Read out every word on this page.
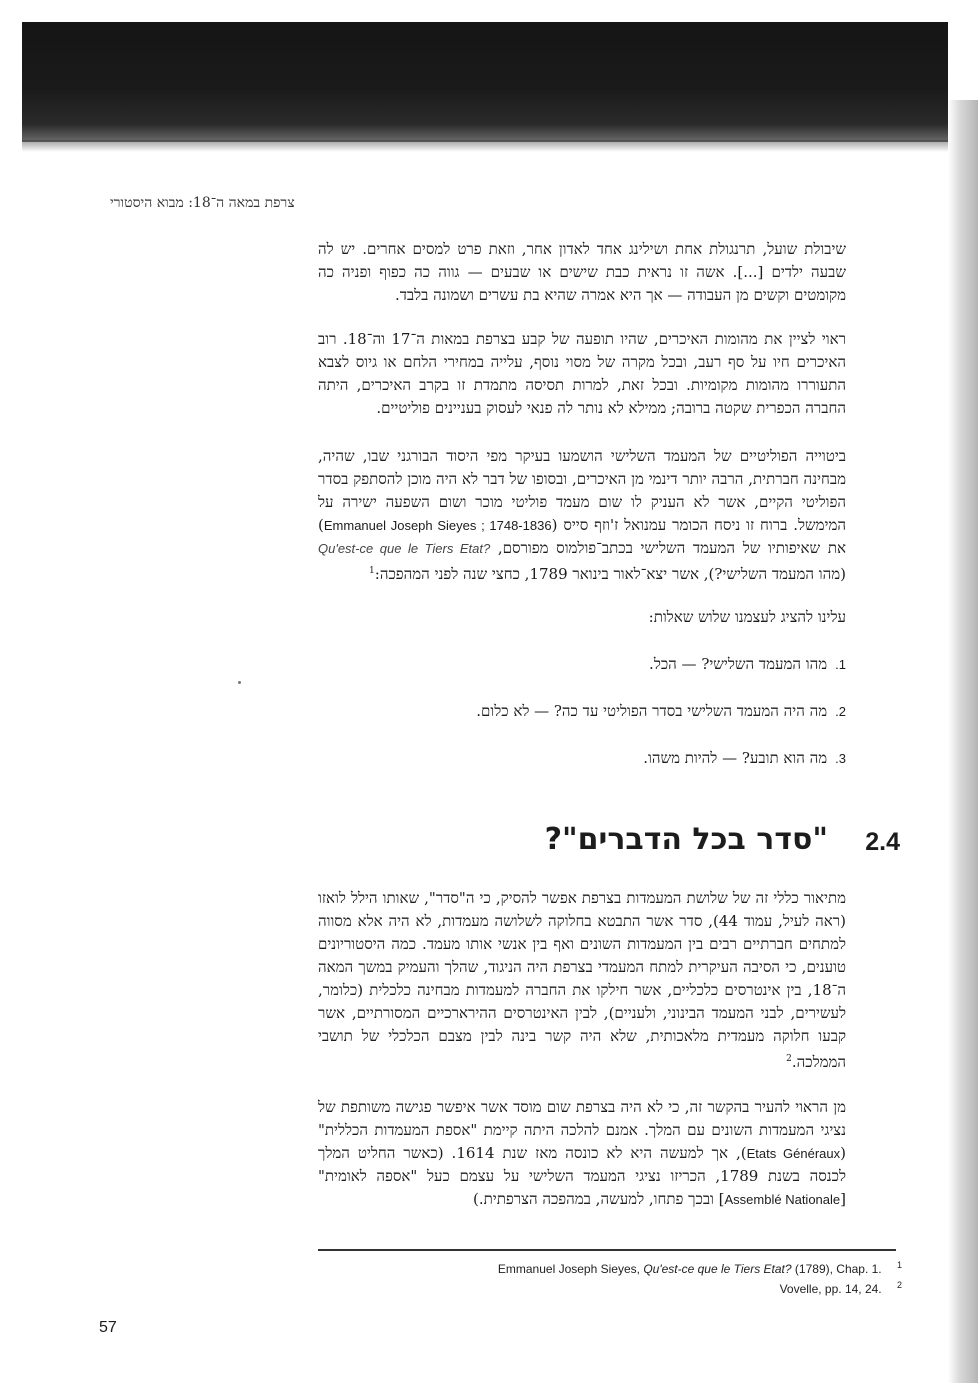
צרפת במאה ה־18: מבוא היסטורי

שיבולת שועל, תרנגולת אחת ושילינג אחד לאדון אחר, וזאת פרט למסים אחרים. יש לה שבעה ילדים [...]. אשה זו נראית כבת שישים או שבעים — גווה כה כפוף ופניה כה מקומטים וקשים מן העבודה — אך היא אמרה שהיא בת עשרים ושמונה בלבד.

ראוי לציין את מהומות האיכרים, שהיו תופעה של קבע בצרפת במאות ה־17 וה־18. רוב האיכרים חיו על סף רעב, ובכל מקרה של מסוי נוסף, עלייה במחירי הלחם או גיוס לצבא התעוררו מהומות מקומיות. ובכל זאת, למרות תסיסה מתמדת זו בקרב האיכרים, היתה החברה הכפרית שקטה ברובה; ממילא לא נותר לה פנאי לעסוק בעניינים פוליטיים.

ביטוייה הפוליטיים של המעמד השלישי הושמעו בעיקר מפי היסוד הבורגני שבו, שהיה, מבחינה חברתית, הרבה יותר דינמי מן האיכרים, ובסופו של דבר לא היה מוכן להסתפק בסדר הפוליטי הקיים, אשר לא העניק לו שום מעמד פוליטי מוכר ושום השפעה ישירה על המימשל. ברוח זו ניסח הכומר עמנואל ז'וזף סייס (Emmanuel Joseph Sieyes ; 1748-1836) את שאיפותיו של המעמד השלישי בכתב־פולמוס מפורסם, Qu'est-ce que le Tiers Etat? (מהו המעמד השלישי?), אשר יצא־לאור בינואר 1789, כחצי שנה לפני המהפכה:$^1$

עלינו להציג לעצמנו שלוש שאלות:
1.מהו המעמד השלישי? — הכל.
2.מה היה המעמד השלישי בסדר הפוליטי עד כה? — לא כלום.
3.מה הוא תובע? — להיות משהו.
2.4
"סדר בכל הדברים"?

מתיאור כללי זה של שלושת המעמדות בצרפת אפשר להסיק, כי ה"סדר", שאותו הילל לואזו (ראה לעיל, עמוד 44), סדר אשר התבטא בחלוקה לשלושה מעמדות, לא היה אלא מסווה למתחים חברתיים רבים בין המעמדות השונים ואף בין אנשי אותו מעמד. כמה היסטוריונים טוענים, כי הסיבה העיקרית למתח המעמדי בצרפת היה הניגוד, שהלך והעמיק במשך המאה ה־18, בין אינטרסים כלכליים, אשר חילקו את החברה למעמדות מבחינה כלכלית (כלומר, לעשירים, לבני המעמד הבינוני, ולעניים), לבין האינטרסים ההירארכיים המסורתיים, אשר קבעו חלוקה מעמדית מלאכותית, שלא היה קשר בינה לבין מצבם הכלכלי של תושבי הממלכה.$^2$

מן הראוי להעיר בהקשר זה, כי לא היה בצרפת שום מוסד אשר איפשר פגישה משותפת של נציגי המעמדות השונים עם המלך. אמנם להלכה היתה קיימת "אספת המעמדות הכללית" (Etats Généraux), אך למעשה היא לא כונסה מאז שנת 1614. (כאשר החליט המלך לכנסה בשנת 1789, הכריזו נציגי המעמד השלישי על עצמם כעל "אספה לאומית" [Assemblé Nationale] ובכך פתחו, למעשה, במהפכה הצרפתית.)

Emmanuel Joseph Sieyes, Qu'est-ce que le Tiers Etat? (1789), Chap. 1. $^1$
Vovelle, pp. 14, 24. $^2$
57
